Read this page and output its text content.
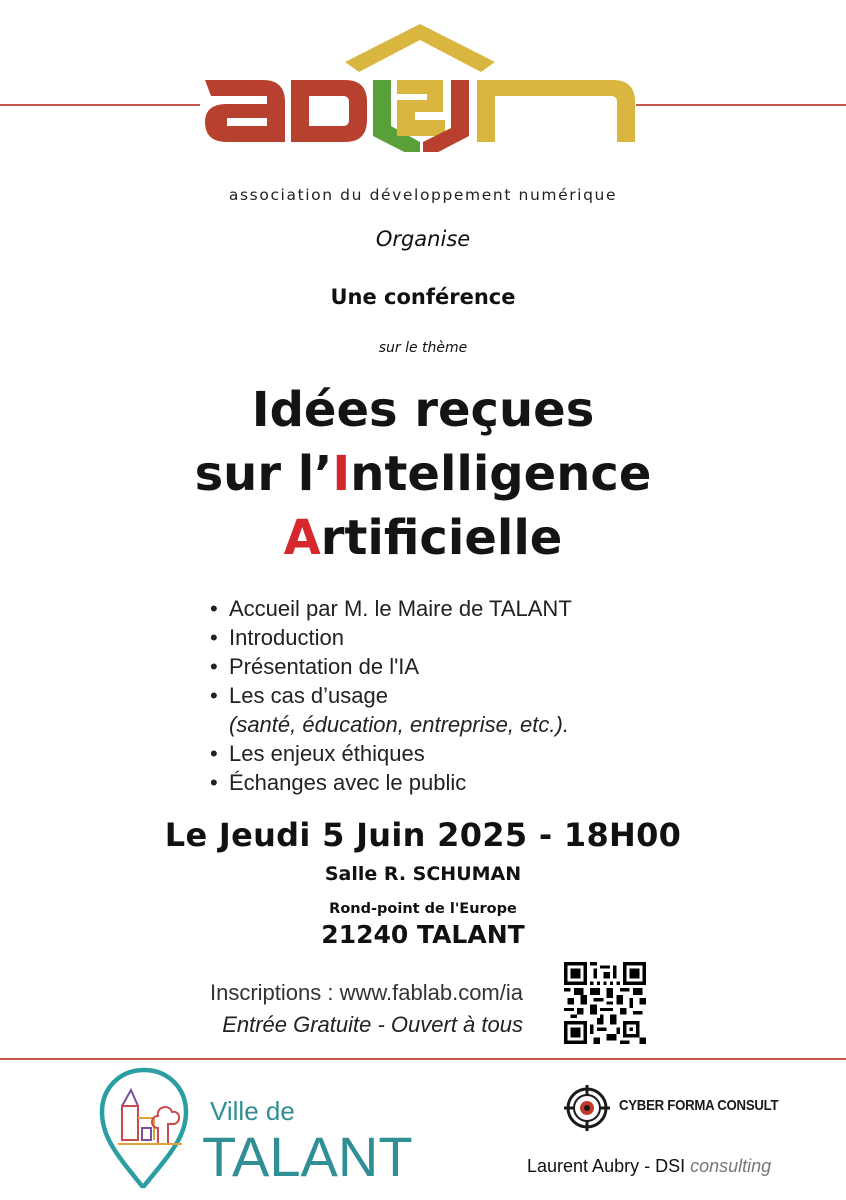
association du développement numérique
Organise
Une conférence
sur le thème
Idées reçues
sur l’Intelligence
Artificielle
• Accueil par M. le Maire de TALANT
• Introduction
• Présentation de l'IA
• Les cas d’usage
(santé, éducation, entreprise, etc.).
• Les enjeux éthiques
• Échanges avec le public
Le Jeudi 5 Juin 2025 - 18H00
Salle R. SCHUMAN
Rond-point de l'Europe
21240 TALANT
Inscriptions : www.fablab.com/ia
Entrée Gratuite - Ouvert à tous
Ville de
TALANT
CYBER FORMA CONSULT
Laurent Aubry - DSI consulting
